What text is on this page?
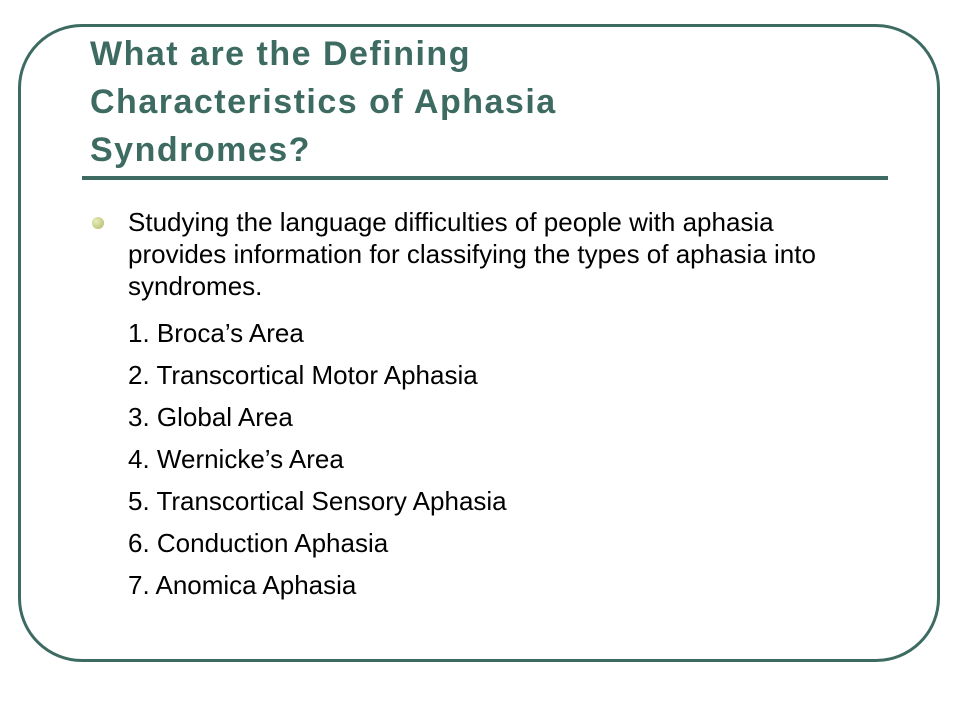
What are the Defining
Characteristics of Aphasia
Syndromes?
Studying the language difficulties of people with aphasia provides information for classifying the types of aphasia into syndromes.
1. Broca’s Area
2. Transcortical Motor Aphasia
3. Global Area
4. Wernicke’s Area
5. Transcortical Sensory Aphasia
6. Conduction Aphasia
7. Anomica Aphasia
